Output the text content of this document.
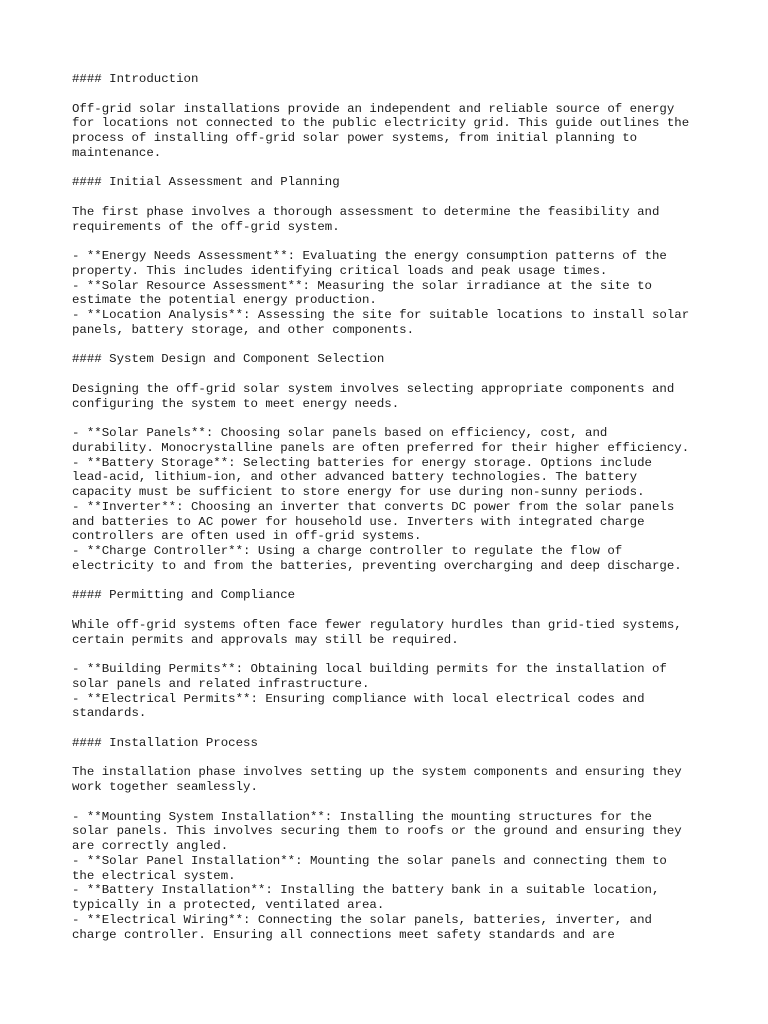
#### Introduction
Off-grid solar installations provide an independent and reliable source of energy
for locations not connected to the public electricity grid. This guide outlines the
process of installing off-grid solar power systems, from initial planning to
maintenance.
#### Initial Assessment and Planning
The first phase involves a thorough assessment to determine the feasibility and
requirements of the off-grid system.
- **Energy Needs Assessment**: Evaluating the energy consumption patterns of the
property. This includes identifying critical loads and peak usage times.
- **Solar Resource Assessment**: Measuring the solar irradiance at the site to
estimate the potential energy production.
- **Location Analysis**: Assessing the site for suitable locations to install solar
panels, battery storage, and other components.
#### System Design and Component Selection
Designing the off-grid solar system involves selecting appropriate components and
configuring the system to meet energy needs.
- **Solar Panels**: Choosing solar panels based on efficiency, cost, and
durability. Monocrystalline panels are often preferred for their higher efficiency.
- **Battery Storage**: Selecting batteries for energy storage. Options include
lead-acid, lithium-ion, and other advanced battery technologies. The battery
capacity must be sufficient to store energy for use during non-sunny periods.
- **Inverter**: Choosing an inverter that converts DC power from the solar panels
and batteries to AC power for household use. Inverters with integrated charge
controllers are often used in off-grid systems.
- **Charge Controller**: Using a charge controller to regulate the flow of
electricity to and from the batteries, preventing overcharging and deep discharge.
#### Permitting and Compliance
While off-grid systems often face fewer regulatory hurdles than grid-tied systems,
certain permits and approvals may still be required.
- **Building Permits**: Obtaining local building permits for the installation of
solar panels and related infrastructure.
- **Electrical Permits**: Ensuring compliance with local electrical codes and
standards.
#### Installation Process
The installation phase involves setting up the system components and ensuring they
work together seamlessly.
- **Mounting System Installation**: Installing the mounting structures for the
solar panels. This involves securing them to roofs or the ground and ensuring they
are correctly angled.
- **Solar Panel Installation**: Mounting the solar panels and connecting them to
the electrical system.
- **Battery Installation**: Installing the battery bank in a suitable location,
typically in a protected, ventilated area.
- **Electrical Wiring**: Connecting the solar panels, batteries, inverter, and
charge controller. Ensuring all connections meet safety standards and are
